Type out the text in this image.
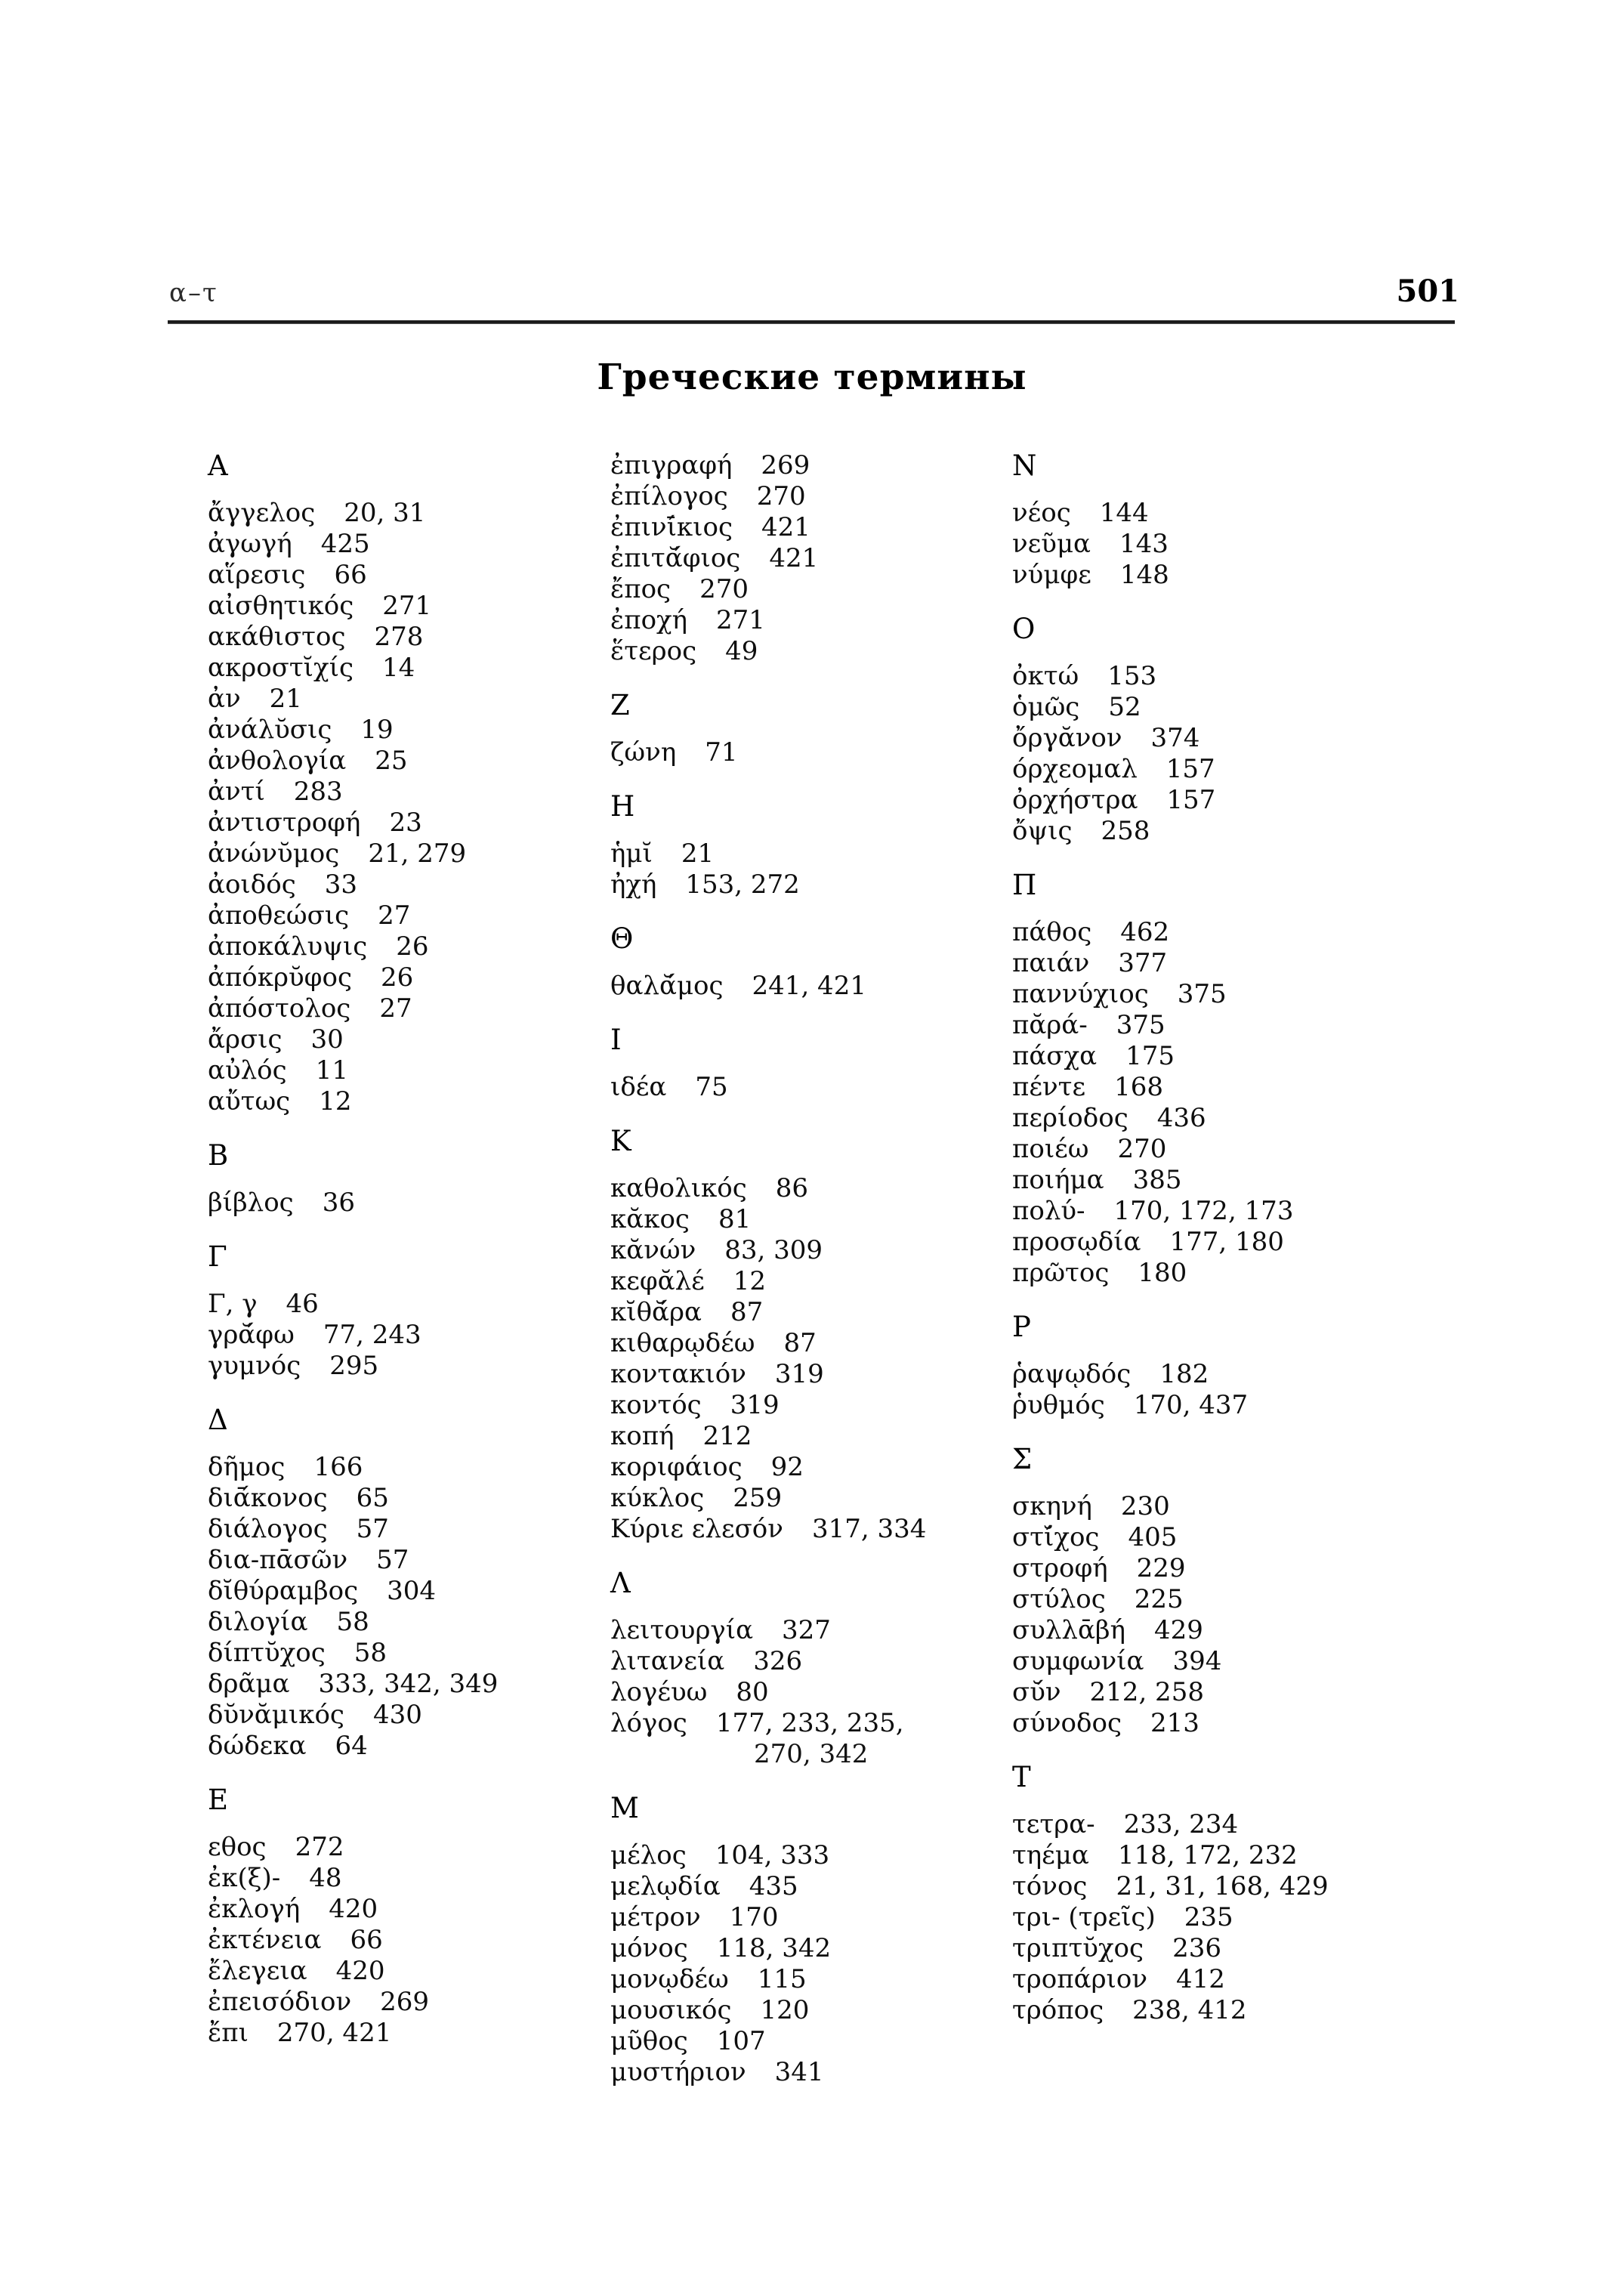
α–τ	501
Греческие термины
A
ἄγγελος 20, 31
ἀγωγή 425
αἵρεσις 66
αἰσθητικός 271
ακάθιστος 278
ακροστῐχίς 14
ἀν 21
ἀνάλῠσις 19
ἀνθολογία 25
ἀντί 283
ἀντιστροφή 23
ἀνώνῠμος 21, 279
ἀοιδός 33
ἀποθεώσις 27
ἀποκάλυψις 26
ἀπόκρῠφος 26
ἀπόστολος 27
ἄρσις 30
αὐλός 11
αὔτως 12
B
βίβλος 36
Γ
Γ, γ 46
γρᾰ́φω 77, 243
γυμνός 295
Δ
δῆμος 166
διᾱ́κονος 65
διάλογος 57
δια-πᾱσῶν 57
δῐθύραμβος 304
διλογία 58
δίπτῠχος 58
δρᾶμα 333, 342, 349
δῠνᾰμικός 430
δώδεκα 64
E
εθος 272
ἐκ(ξ)- 48
ἐκλογή 420
ἐκτένεια 66
ἔλεγεια 420
ἐπεισόδιον 269
ἔπι 270, 421
ἐπιγραφή 269
ἐπίλογος 270
ἐπινῑ́κιος 421
ἐπιτᾰ́φιος 421
ἔπος 270
ἐποχή 271
ἕτερος 49
Z
ζώνη 71
H
ἡμῐ 21
ἠχή 153, 272
Θ
θαλᾰ́μος 241, 421
I
ιδέα 75
K
καθολικός 86
κᾰκος 81
κᾰνών 83, 309
κεφᾰλέ 12
κῐθᾰ́ρα 87
κιθαρῳδέω 87
κοντακιόν 319
κοντός 319
κοπή 212
κοριφάιος 92
κύκλος 259
Κύριε ελεσόν 317, 334
Λ
λειτουργία 327
λιτανεία 326
λογέυω 80
λόγος 177, 233, 235,
270, 342
M
μέλος 104, 333
μελῳδία 435
μέτρον 170
μόνος 118, 342
μονῳδέω 115
μουσικός 120
μῦθος 107
μυστήριον 341
N
νέος 144
νεῦμα 143
νύμφε 148
O
ὀκτώ 153
ὁμῶς 52
ὄργᾰνον 374
όρχεομαλ 157
ὀρχήστρα 157
ὄψις 258
Π
πάθος 462
παιάν 377
παννύχιος 375
πᾰρά- 375
πάσχα 175
πέντε 168
περίοδος 436
ποιέω 270
ποιήμα 385
πολύ- 170, 172, 173
προσῳδία 177, 180
πρῶτος 180
P
ῥαψῳδός 182
ῥυθμός 170, 437
Σ
σκηνή 230
στῐ́χος 405
στροφή 229
στύλος 225
συλλᾱβή 429
συμφωνία 394
σῠ́ν 212, 258
σύνοδος 213
T
τετρα- 233, 234
τηέμα 118, 172, 232
τόνος 21, 31, 168, 429
τρι- (τρεῖς) 235
τριπτῠχος 236
τροπάριον 412
τρόπος 238, 412
